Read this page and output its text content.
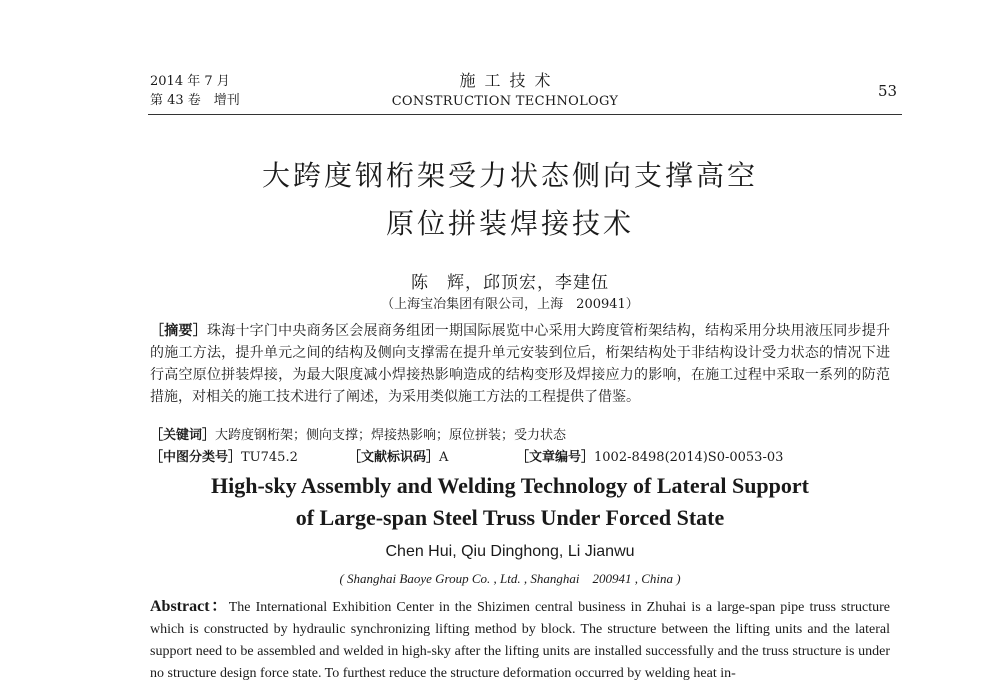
2014 年 7 月
第 43 卷　增刊
施工技术
CONSTRUCTION TECHNOLOGY
53
大跨度钢桁架受力状态侧向支撑高空
原位拼装焊接技术
陈　辉，邱顶宏，李建伍
（上海宝冶集团有限公司，上海　200941）
［摘要］珠海十字门中央商务区会展商务组团一期国际展览中心采用大跨度管桁架结构，结构采用分块用液压同步提升的施工方法，提升单元之间的结构及侧向支撑需在提升单元安装到位后，桁架结构处于非结构设计受力状态的情况下进行高空原位拼装焊接，为最大限度减小焊接热影响造成的结构变形及焊接应力的影响，在施工过程中采取一系列的防范措施，对相关的施工技术进行了阐述，为采用类似施工方法的工程提供了借鉴。
［关键词］大跨度钢桁架；侧向支撑；焊接热影响；原位拼装；受力状态
［中图分类号］TU745.2	［文献标识码］A	［文章编号］1002-8498(2014)S0-0053-03
High-sky Assembly and Welding Technology of Lateral Support
of Large-span Steel Truss Under Forced State
Chen Hui, Qiu Dinghong, Li Jianwu
( Shanghai Baoye Group Co. , Ltd. , Shanghai　200941 , China )
Abstract：The International Exhibition Center in the Shizimen central business in Zhuhai is a large-span pipe truss structure which is constructed by hydraulic synchronizing lifting method by block. The structure between the lifting units and the lateral support need to be assembled and welded in high-sky after the lifting units are installed successfully and the truss structure is under no structure design force state. To furthest reduce the structure deformation occurred by welding heat in-
